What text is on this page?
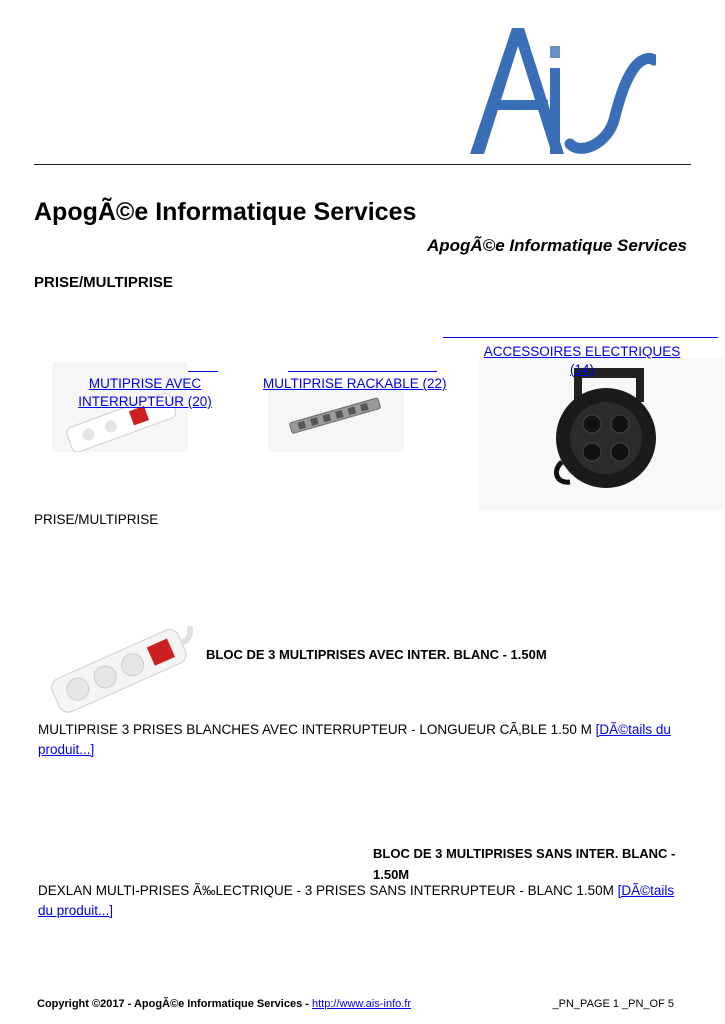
ApogÃ©e Informatique Services
ApogÃ©e Informatique Services
PRISE/MULTIPRISE
MUTIPRISE AVEC INTERRUPTEUR (20)
MULTIPRISE RACKABLE (22)
ACCESSOIRES ELECTRIQUES (14)
PRISE/MULTIPRISE
BLOC DE 3 MULTIPRISES AVEC INTER. BLANC - 1.50M
MULTIPRISE 3 PRISES BLANCHES AVEC INTERRUPTEUR - LONGUEUR CÃ‚BLE 1.50 M [DÃ©tails du produit...]
BLOC DE 3 MULTIPRISES SANS INTER. BLANC - 1.50M
DEXLAN MULTI-PRISES Ã‰LECTRIQUE - 3 PRISES SANS INTERRUPTEUR - BLANC 1.50M [DÃ©tails du produit...]
Copyright ©2017 - ApogÃ©e Informatique Services - http://www.ais-info.fr	_PN_PAGE 1 _PN_OF 5
